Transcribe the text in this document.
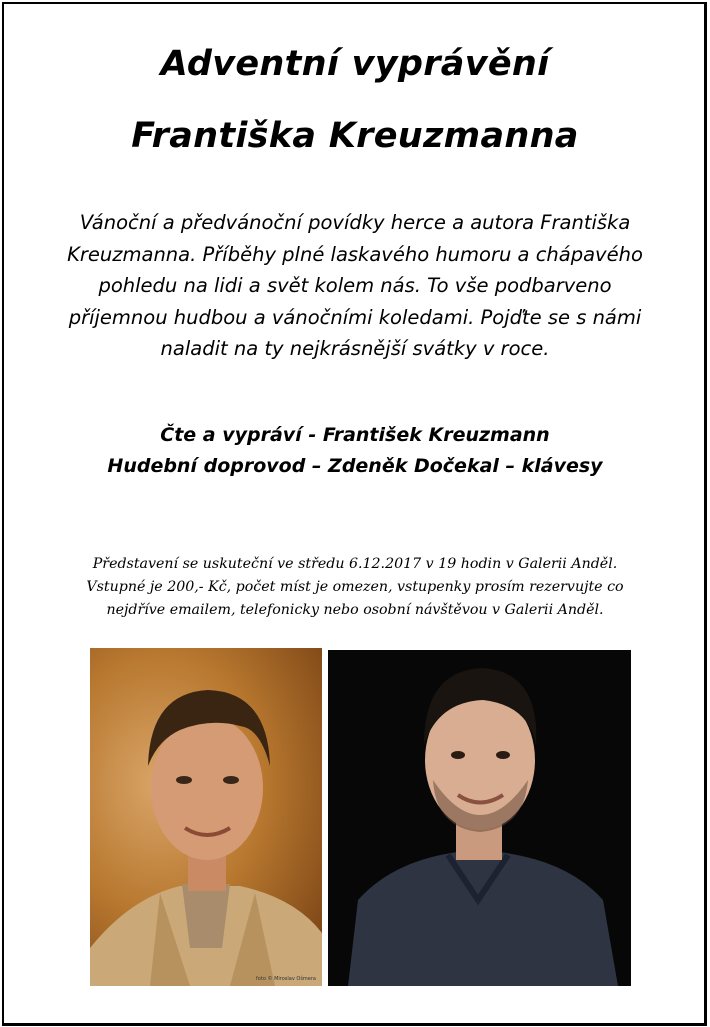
Adventní vyprávění
Františka Kreuzmanna
Vánoční a předvánoční povídky herce a autora Františka
Kreuzmanna. Příběhy plné laskavého humoru a chápavého
pohledu na lidi a svět kolem nás. To vše podbarveno
příjemnou hudbou a vánočními koledami. Pojďte se s námi
naladit na ty nejkrásnější svátky v roce.
Čte a vypráví - František Kreuzmann
Hudební doprovod – Zdeněk Dočekal – klávesy
Představení se uskuteční ve středu 6.12.2017 v 19 hodin v Galerii Anděl.
Vstupné je 200,- Kč, počet míst je omezen, vstupenky prosím rezervujte co
nejdříve emailem, telefonicky nebo osobní návštěvou v Galerii Anděl.
foto © Miroslav Ošmera
